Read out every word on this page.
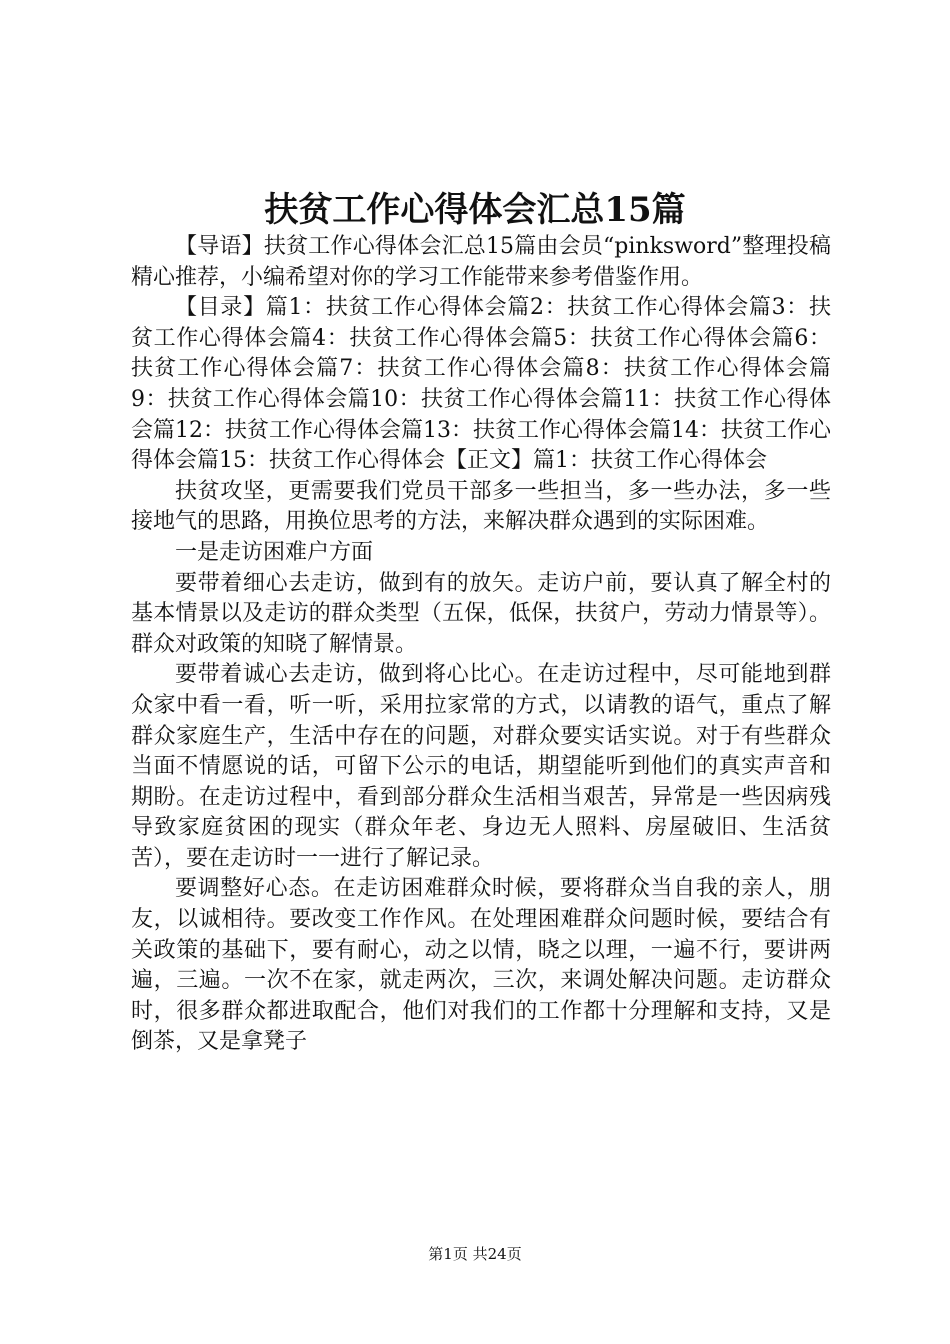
扶贫工作心得体会汇总15篇

【导语】扶贫工作心得体会汇总15篇由会员“pinksword”整理投稿精心推荐，小编希望对你的学习工作能带来参考借鉴作用。

【目录】篇1：扶贫工作心得体会篇2：扶贫工作心得体会篇3：扶贫工作心得体会篇4：扶贫工作心得体会篇5：扶贫工作心得体会篇6：扶贫工作心得体会篇7：扶贫工作心得体会篇8：扶贫工作心得体会篇9：扶贫工作心得体会篇10：扶贫工作心得体会篇11：扶贫工作心得体会篇12：扶贫工作心得体会篇13：扶贫工作心得体会篇14：扶贫工作心得体会篇15：扶贫工作心得体会【正文】篇1：扶贫工作心得体会

扶贫攻坚，更需要我们党员干部多一些担当，多一些办法，多一些接地气的思路，用换位思考的方法，来解决群众遇到的实际困难。

一是走访困难户方面

要带着细心去走访，做到有的放矢。走访户前，要认真了解全村的基本情景以及走访的群众类型（五保，低保，扶贫户，劳动力情景等）。群众对政策的知晓了解情景。

要带着诚心去走访，做到将心比心。在走访过程中，尽可能地到群众家中看一看，听一听，采用拉家常的方式，以请教的语气，重点了解群众家庭生产，生活中存在的问题，对群众要实话实说。对于有些群众当面不情愿说的话，可留下公示的电话，期望能听到他们的真实声音和期盼。在走访过程中，看到部分群众生活相当艰苦，异常是一些因病残导致家庭贫困的现实（群众年老、身边无人照料、房屋破旧、生活贫苦），要在走访时一一进行了解记录。

要调整好心态。在走访困难群众时候，要将群众当自我的亲人，朋友，以诚相待。要改变工作作风。在处理困难群众问题时候，要结合有关政策的基础下，要有耐心，动之以情，晓之以理，一遍不行，要讲两遍，三遍。一次不在家，就走两次，三次，来调处解决问题。走访群众时，很多群众都进取配合，他们对我们的工作都十分理解和支持，又是倒茶，又是拿凳子

第1页 共24页
